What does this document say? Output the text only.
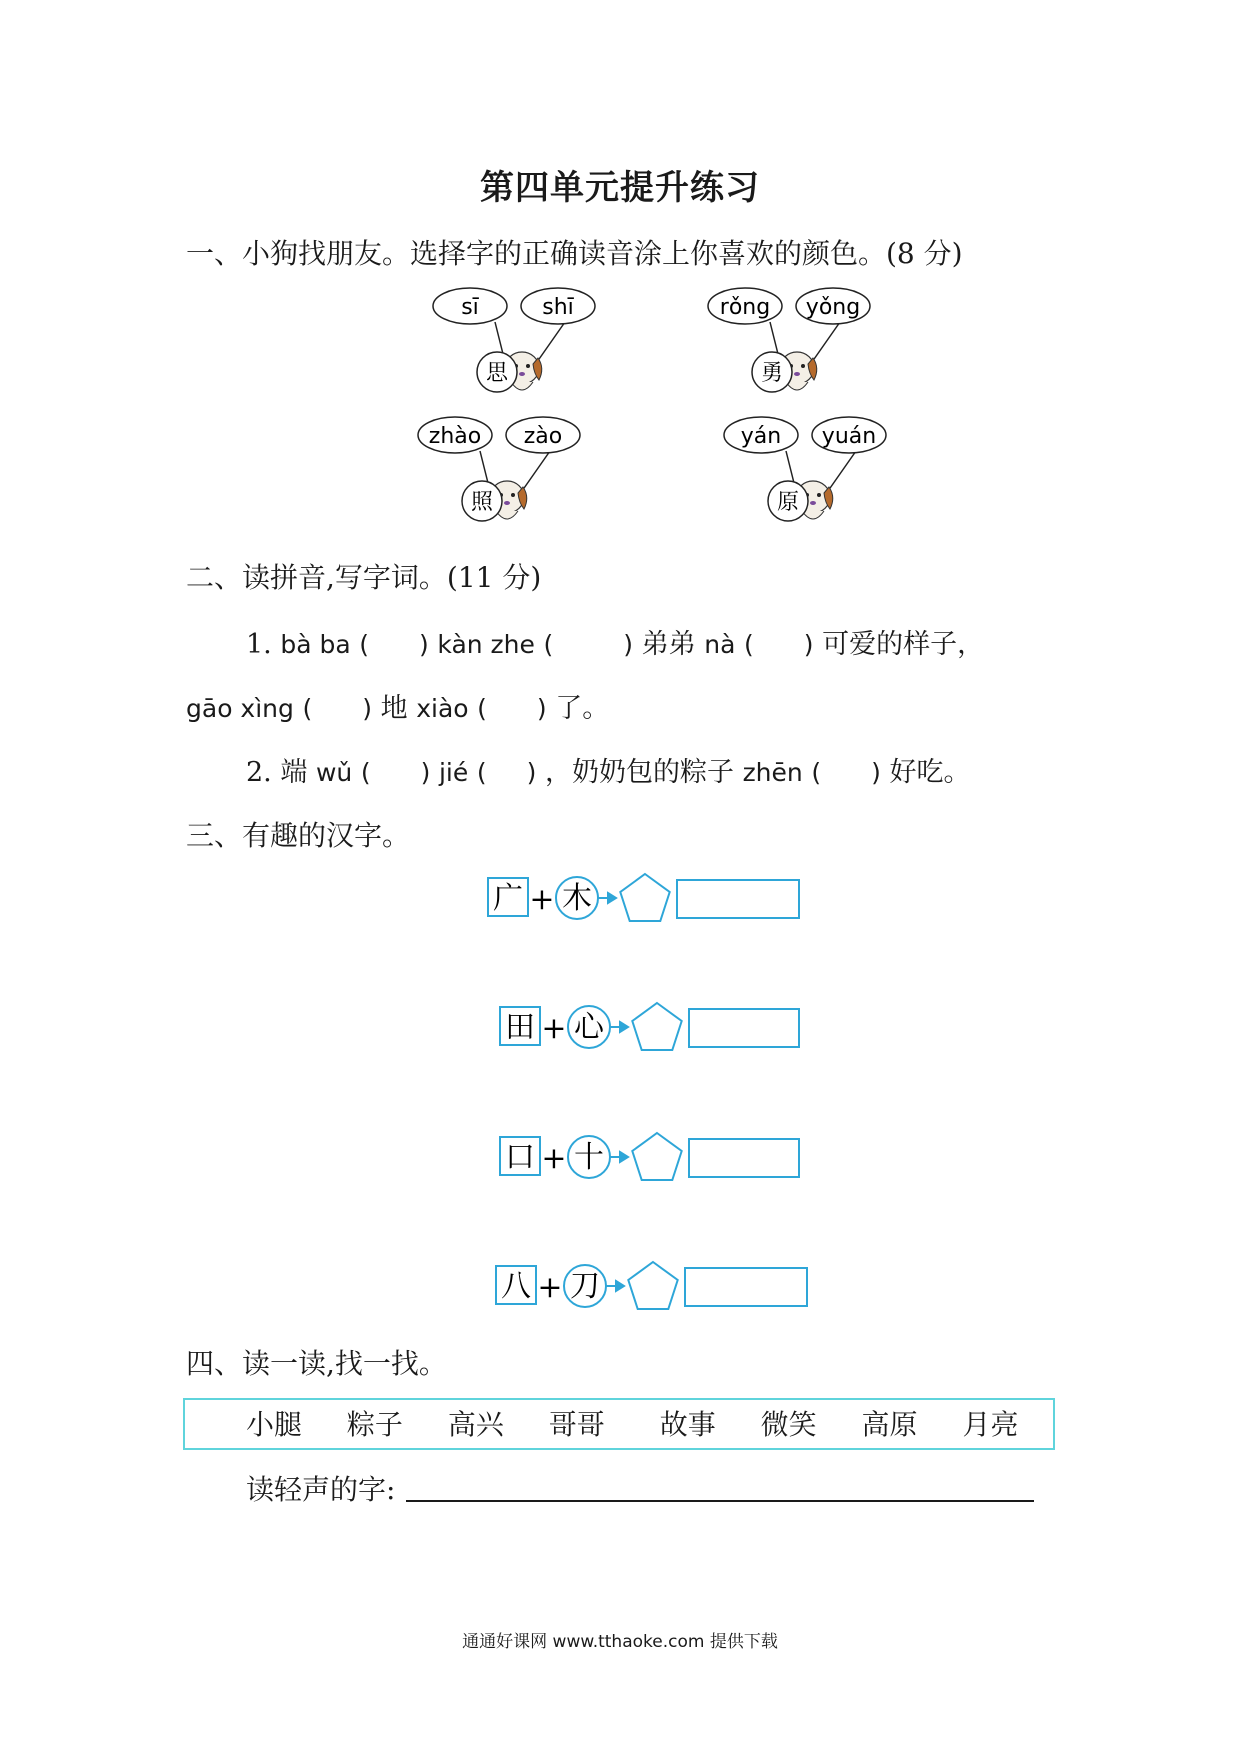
第四单元提升练习
一、小狗找朋友。选择字的正确读音涂上你喜欢的颜色。(8 分)
sī	shī
思
rǒng yǒng
勇
zhào zào
照
yán yuán
原
二、读拼音,写字词。(11 分)
1. bà ba ( ) kàn zhe (	) 弟弟 nà ( ) 可爱的样子，
gāo xìng ( ) 地 xiào ( ) 了。
2. 端 wǔ ( ) jié ( ) ，奶奶包的粽子 zhēn ( ) 好吃。
三、有趣的汉字。
广 + 木
田 + 心
口 + 十
八 + 刀
四、读一读,找一找。
小腿 粽子 高兴 哥哥 故事 微笑 高原 月亮
读轻声的字:
通通好课网 www.tthaoke.com 提供下载
